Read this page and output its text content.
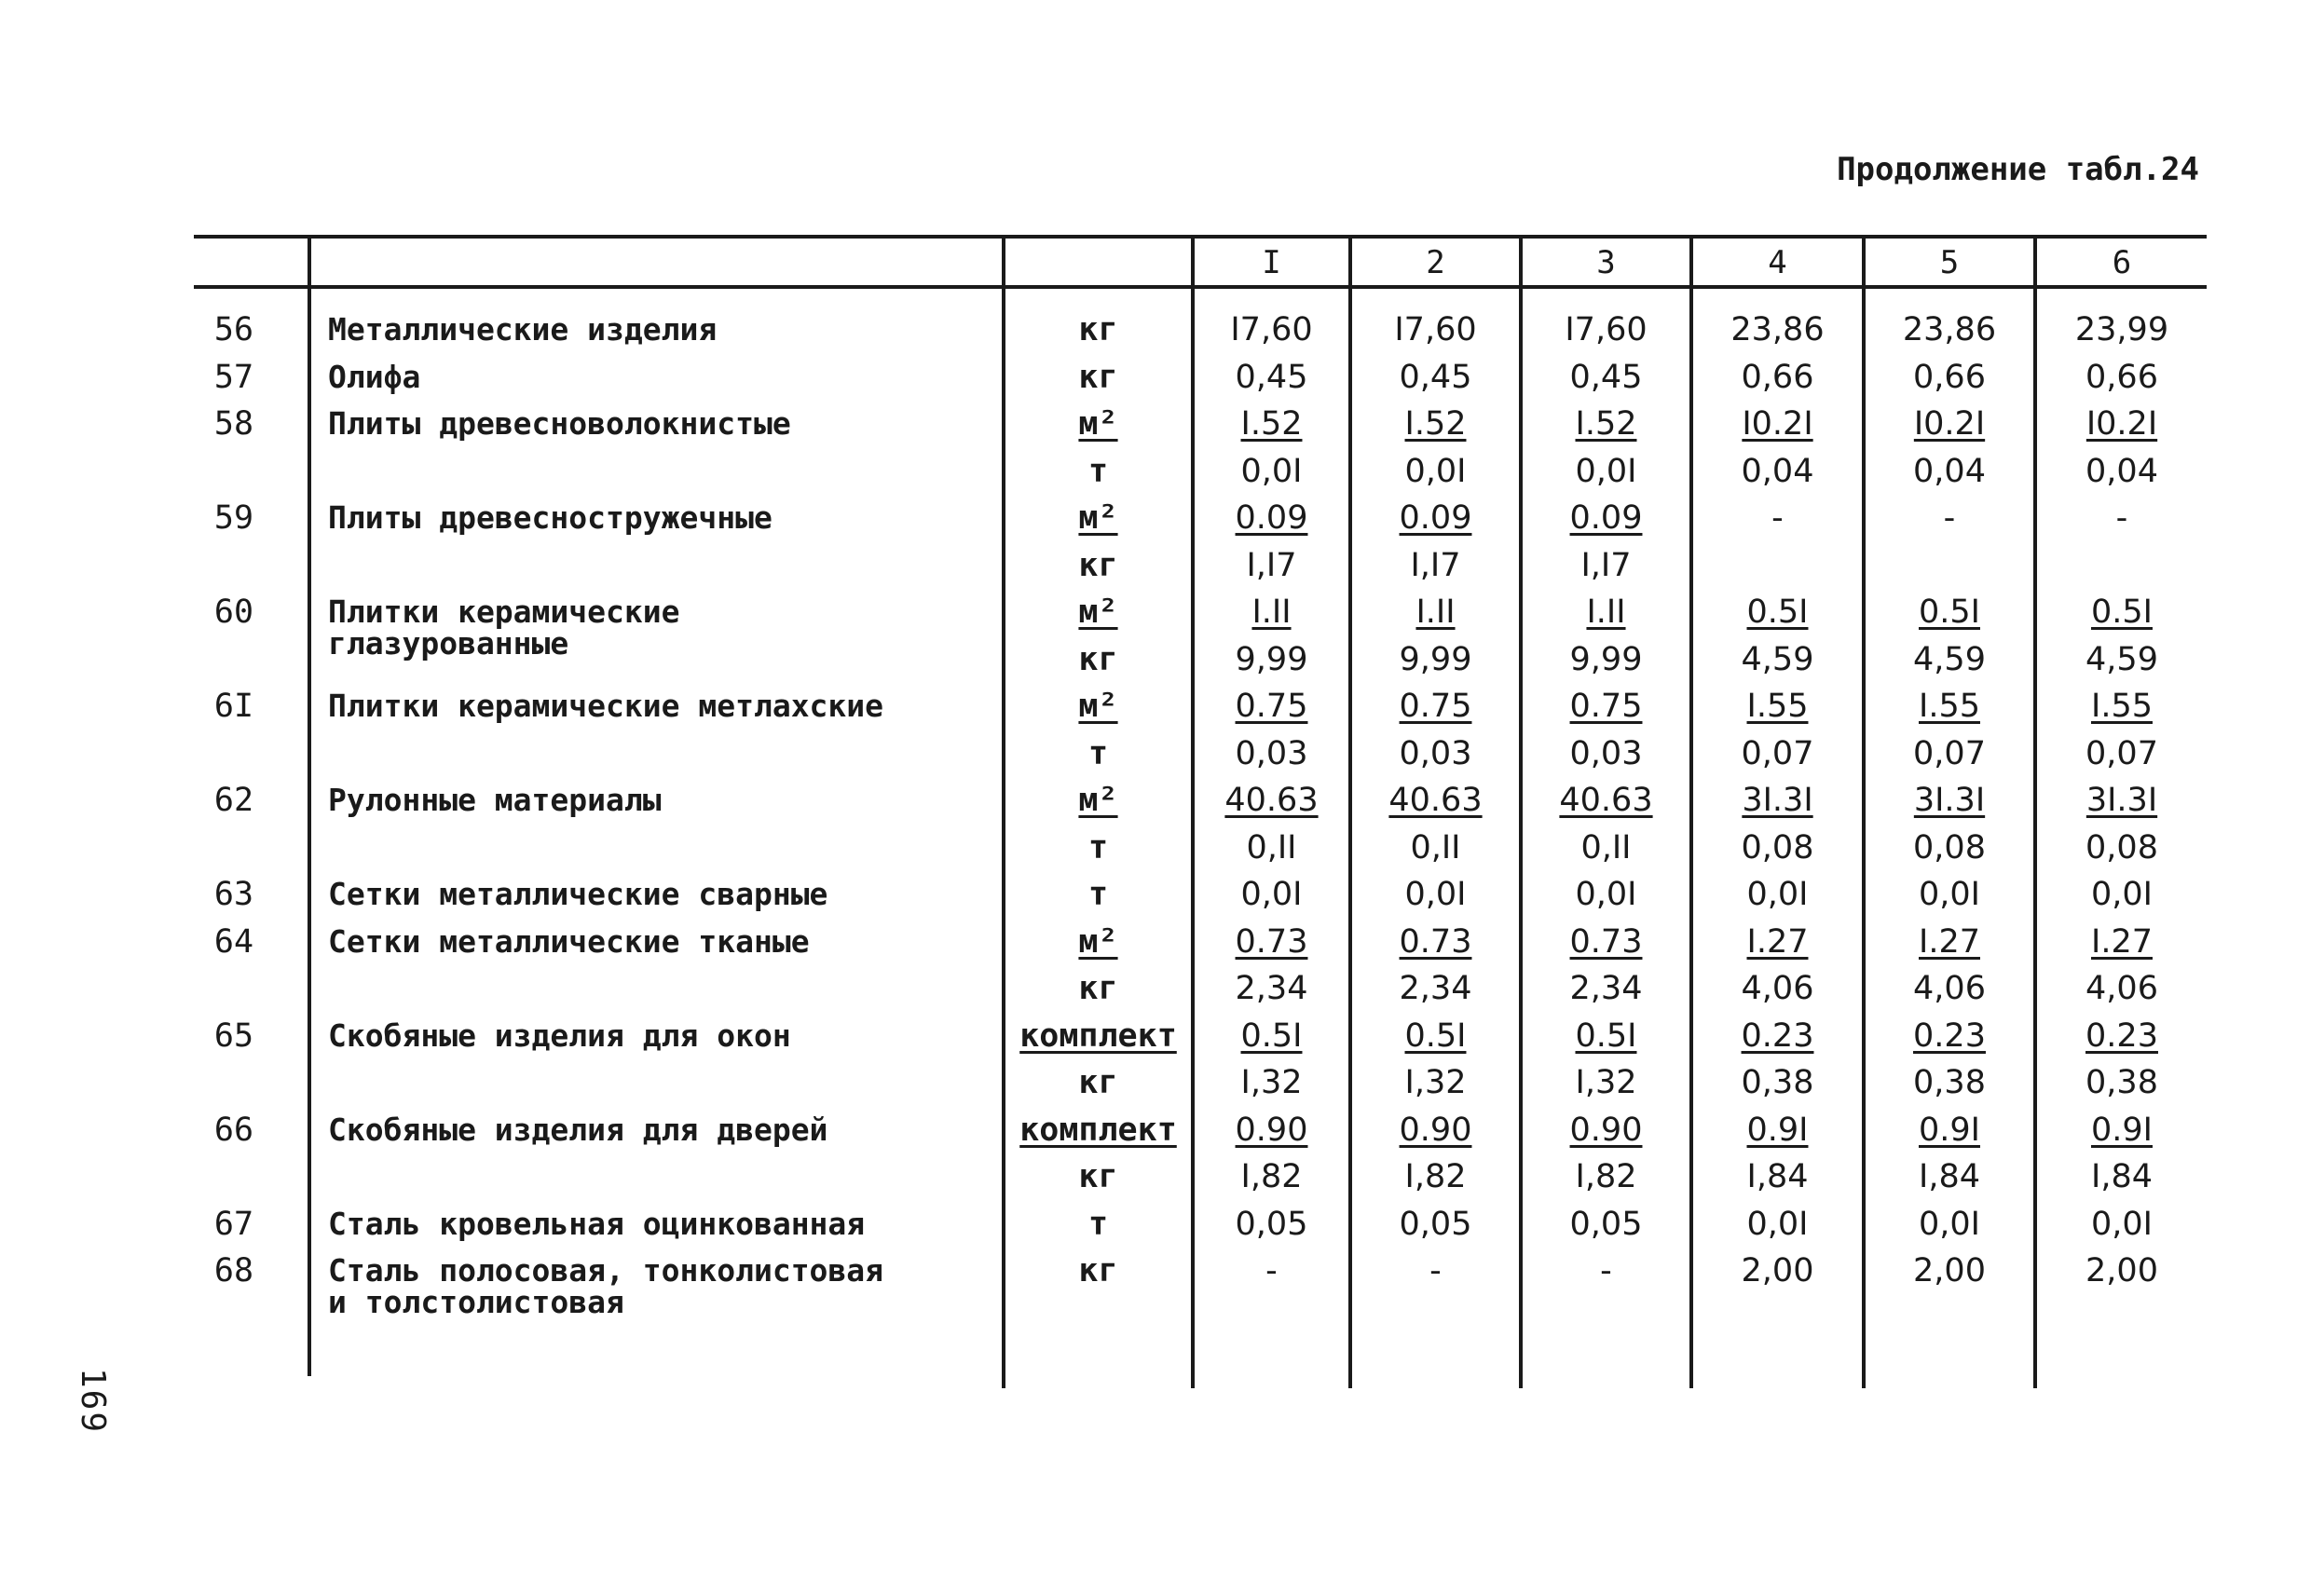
Продолжение табл.24
I	2	3	4	5	6
56	Металлические изделия	кг	I7,60	I7,60	I7,60	23,86	23,86	23,99
57	Олифа	кг	0,45	0,45	0,45	0,66	0,66	0,66
58	Плиты древесноволокнистые	м²	I.52	I.52	I.52	I0.2I	I0.2I	I0.2I
т	0,0I	0,0I	0,0I	0,04	0,04	0,04
59	Плиты древесностружечные	м²	0.09	0.09	0.09	-	-	-
кг	I,I7	I,I7	I,I7
60	Плитки керамические
глазурованные
м²	I.II	I.II	I.II	0.5I	0.5I	0.5I
кг	9,99	9,99	9,99	4,59	4,59	4,59
6I	Плитки керамические метлахские	м²	0.75	0.75	0.75	I.55	I.55	I.55
т	0,03	0,03	0,03	0,07	0,07	0,07
62	Рулонные материалы	м²	40.63	40.63	40.63	3I.3I	3I.3I	3I.3I
т	0,II	0,II	0,II	0,08	0,08	0,08
63	Сетки металлические сварные	т	0,0I	0,0I	0,0I	0,0I	0,0I	0,0I
64	Сетки металлические тканые	м²	0.73	0.73	0.73	I.27	I.27	I.27
кг	2,34	2,34	2,34	4,06	4,06	4,06
65	Скобяные изделия для окон	комплект	0.5I	0.5I	0.5I	0.23	0.23	0.23
кг	I,32	I,32	I,32	0,38	0,38	0,38
66	Скобяные изделия для дверей	комплект	0.90	0.90	0.90	0.9I	0.9I	0.9I
кг	I,82	I,82	I,82	I,84	I,84	I,84
67	Сталь кровельная оцинкованная	т	0,05	0,05	0,05	0,0I	0,0I	0,0I
68	Сталь полосовая, тонколистовая
и толстолистовая
кг	-	-	-	2,00	2,00	2,00
169
